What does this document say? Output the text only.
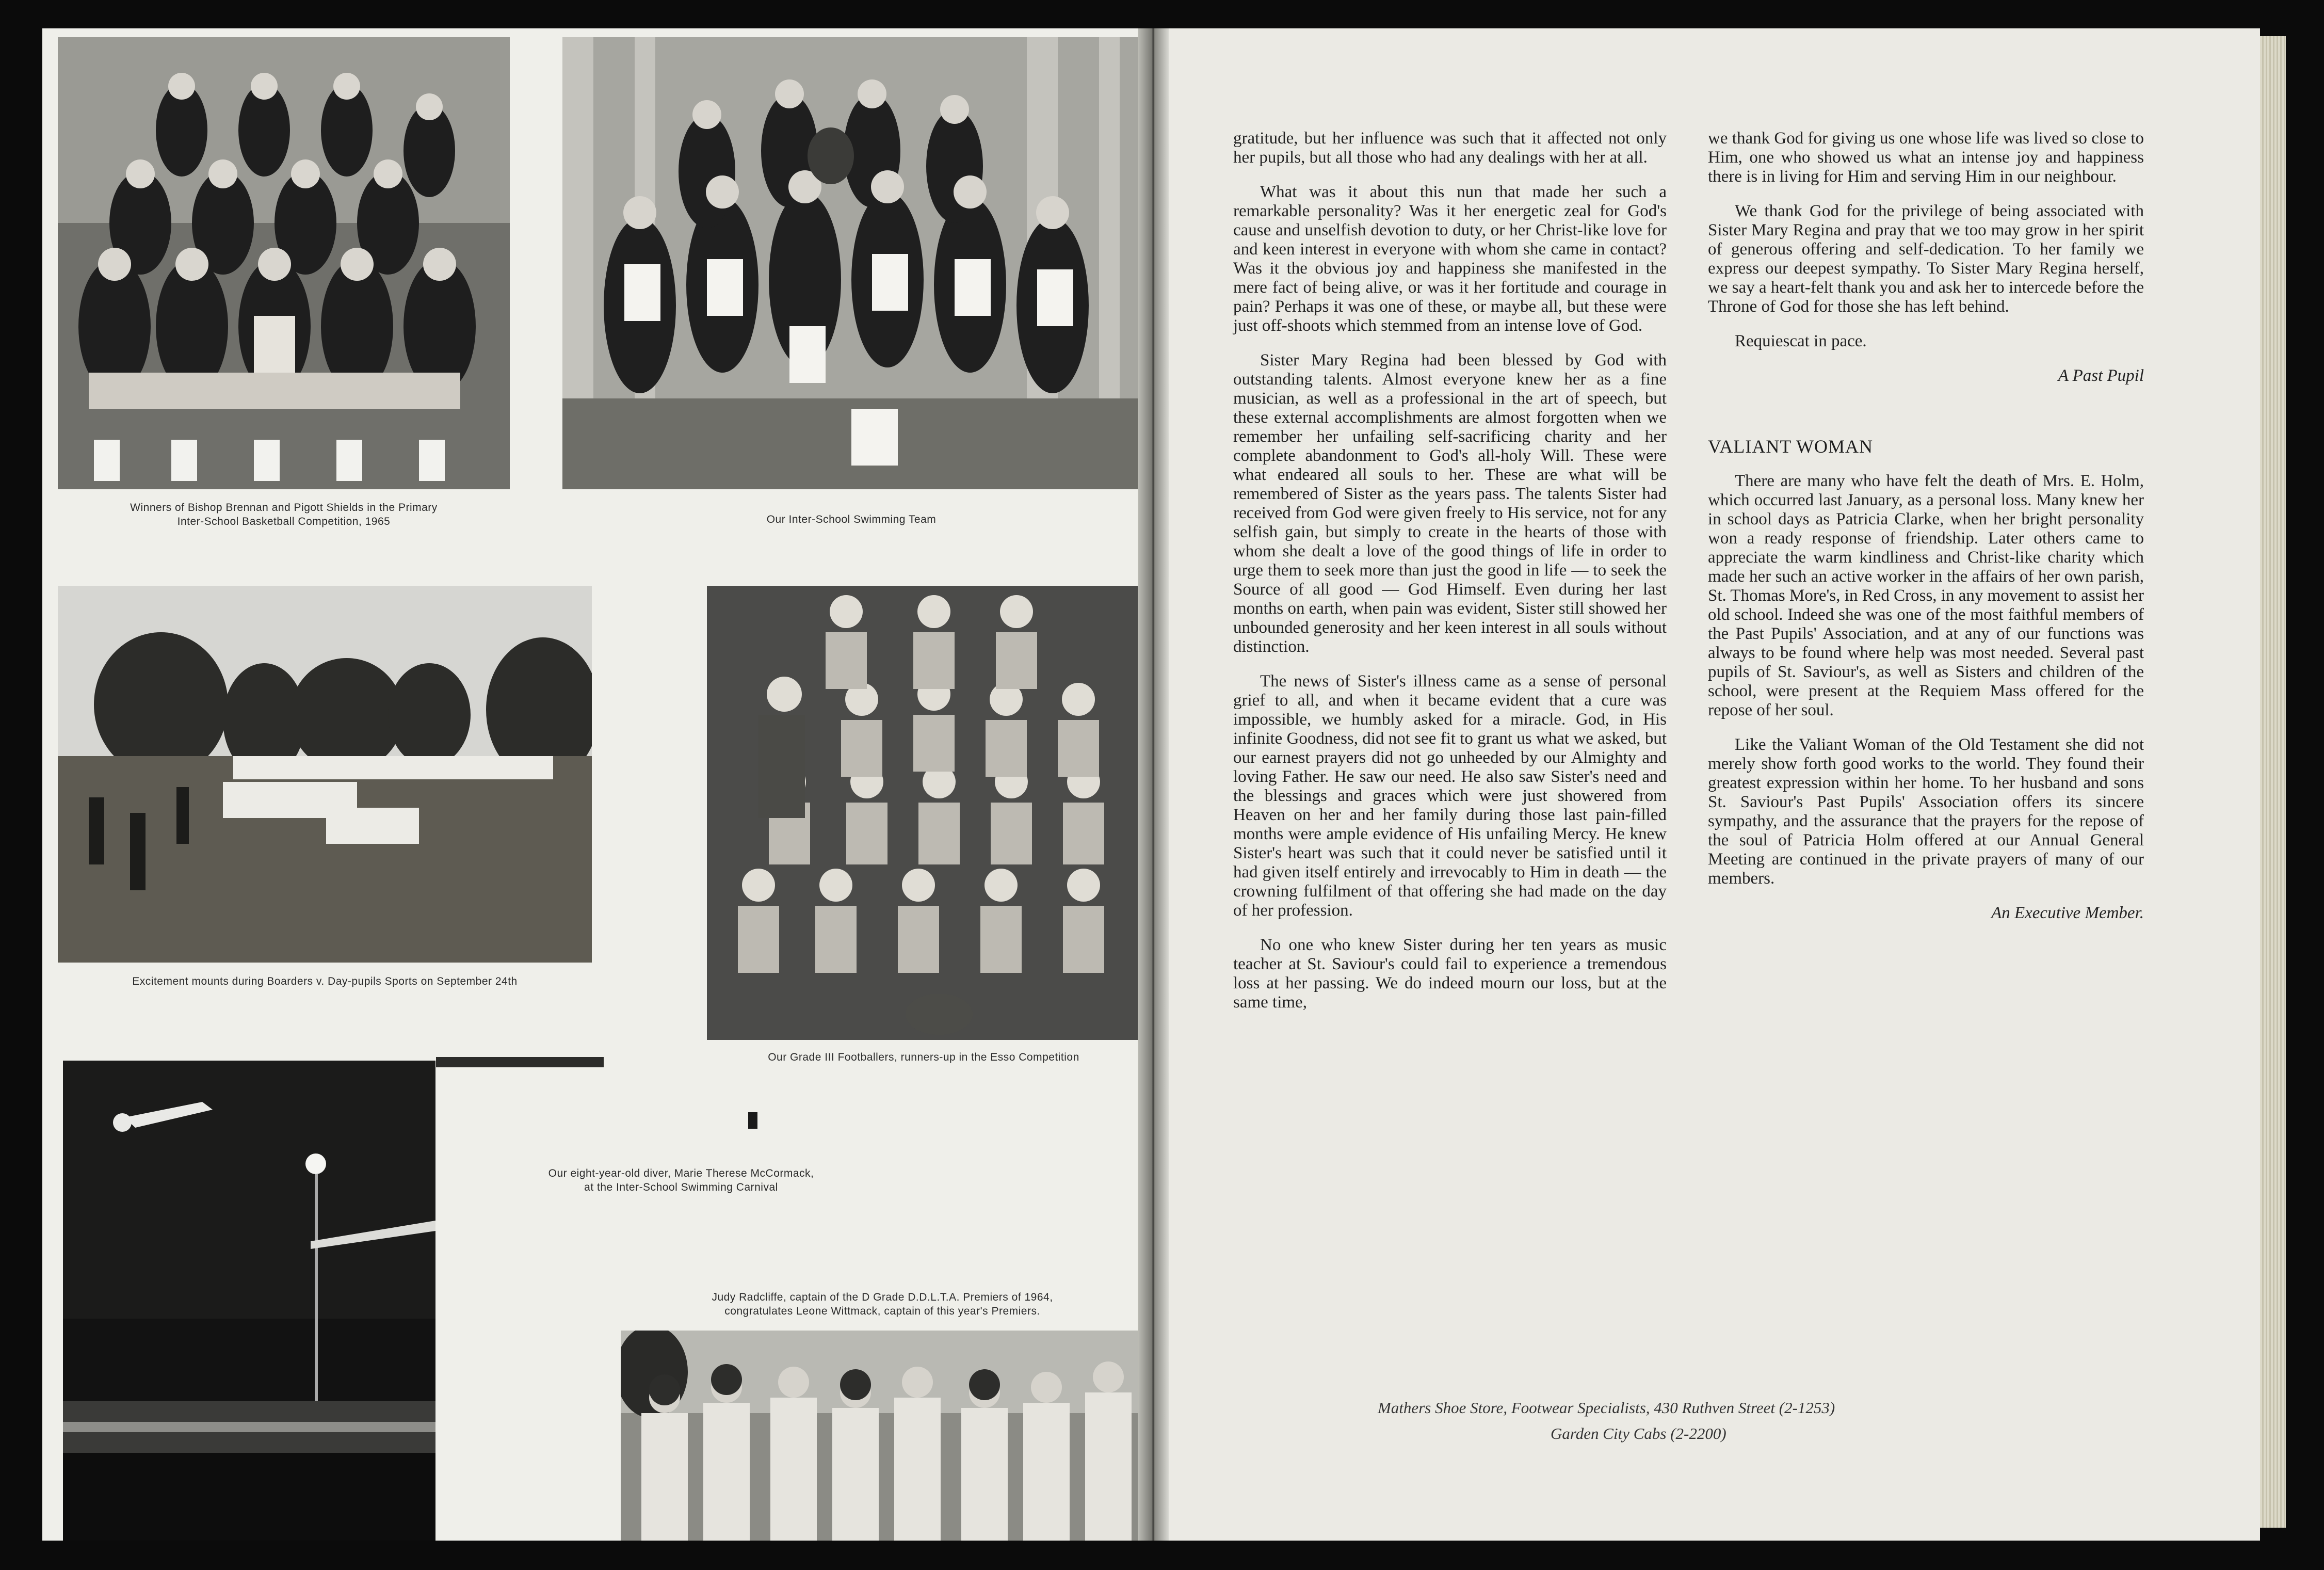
Winners of Bishop Brennan and Pigott Shields in the Primary
Inter-School Basketball Competition, 1965	Our Inter-School Swimming Team
Excitement mounts during Boarders v. Day-pupils Sports on September 24th
Our Grade III Footballers, runners-up in the Esso Competition
Our eight-year-old diver, Marie Therese McCormack,
at the Inter-School Swimming Carnival
Judy Radcliffe, captain of the D Grade D.D.L.T.A. Premiers of 1964,
congratulates Leone Wittmack, captain of this year's Premiers.

gratitude, but her influence was such that it affected not only her pupils, but all those who had any dealings with her at all.

What was it about this nun that made her such a remarkable personality? Was it her energetic zeal for God's cause and unselfish devotion to duty, or her Christ-like love for and keen interest in everyone with whom she came in contact? Was it the obvious joy and happiness she manifested in the mere fact of being alive, or was it her fortitude and courage in pain? Perhaps it was one of these, or maybe all, but these were just off-shoots which stemmed from an intense love of God.

Sister Mary Regina had been blessed by God with outstanding talents. Almost everyone knew her as a fine musician, as well as a professional in the art of speech, but these external accomplishments are almost forgotten when we remember her unfailing self-sacrificing charity and her complete abandonment to God's all-holy Will. These were what endeared all souls to her. These are what will be remembered of Sister as the years pass. The talents Sister had received from God were given freely to His service, not for any selfish gain, but simply to create in the hearts of those with whom she dealt a love of the good things of life in order to urge them to seek more than just the good in life — to seek the Source of all good — God Himself. Even during her last months on earth, when pain was evident, Sister still showed her unbounded generosity and her keen interest in all souls without distinction.

The news of Sister's illness came as a sense of personal grief to all, and when it became evident that a cure was impossible, we humbly asked for a miracle. God, in His infinite Goodness, did not see fit to grant us what we asked, but our earnest prayers did not go unheeded by our Almighty and loving Father. He saw our need. He also saw Sister's need and the blessings and graces which were just showered from Heaven on her and her family during those last pain-filled months were ample evidence of His unfailing Mercy. He knew Sister's heart was such that it could never be satisfied until it had given itself entirely and irrevocably to Him in death — the crowning fulfilment of that offering she had made on the day of her profession.

No one who knew Sister during her ten years as music teacher at St. Saviour's could fail to experience a tremendous loss at her passing. We do indeed mourn our loss, but at the same time,

we thank God for giving us one whose life was lived so close to Him, one who showed us what an intense joy and happiness there is in living for Him and serving Him in our neighbour.

We thank God for the privilege of being associated with Sister Mary Regina and pray that we too may grow in her spirit of generous offering and self-dedication. To her family we express our deepest sympathy. To Sister Mary Regina herself, we say a heart-felt thank you and ask her to intercede before the Throne of God for those she has left behind.

Requiescat in pace.

A Past Pupil

VALIANT WOMAN

There are many who have felt the death of Mrs. E. Holm, which occurred last January, as a personal loss. Many knew her in school days as Patricia Clarke, when her bright personality won a ready response of friendship. Later others came to appreciate the warm kindliness and Christ-like charity which made her such an active worker in the affairs of her own parish, St. Thomas More's, in Red Cross, in any movement to assist her old school. Indeed she was one of the most faithful members of the Past Pupils' Association, and at any of our functions was always to be found where help was most needed. Several past pupils of St. Saviour's, as well as Sisters and children of the school, were present at the Requiem Mass offered for the repose of her soul.

Like the Valiant Woman of the Old Testament she did not merely show forth good works to the world. They found their greatest expression within her home. To her husband and sons St. Saviour's Past Pupils' Association offers its sincere sympathy, and the assurance that the prayers for the repose of the soul of Patricia Holm offered at our Annual General Meeting are continued in the private prayers of many of our members.

An Executive Member.

Mathers Shoe Store, Footwear Specialists, 430 Ruthven Street (2-1253)
Garden City Cabs (2-2200)
